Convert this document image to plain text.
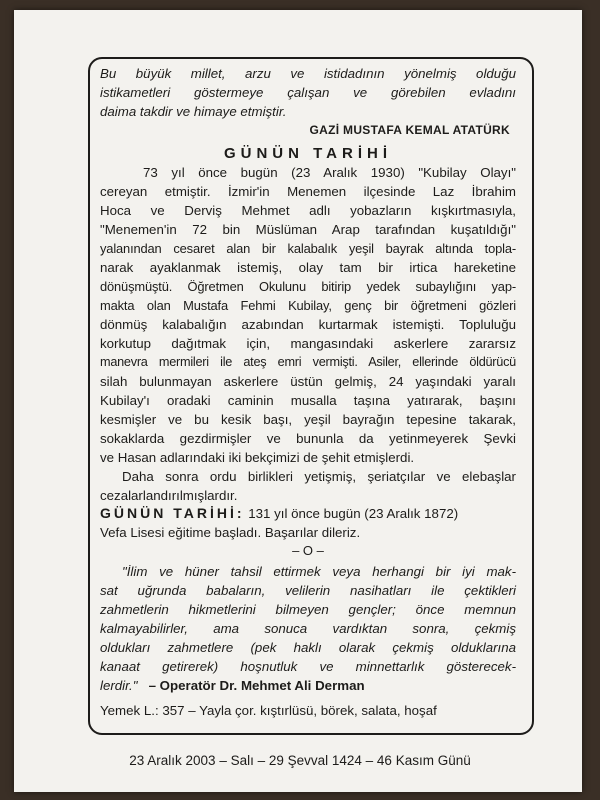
Bu büyük millet, arzu ve istidadının yönelmiş olduğu

istikametleri göstermeye çalışan ve görebilen evladını

daima takdir ve himaye etmiştir.

GAZİ MUSTAFA KEMAL ATATÜRK

GÜNÜN TARİHİ

73 yıl önce bugün (23 Aralık 1930) "Kubilay Olayı"

cereyan etmiştir. İzmir'in Menemen ilçesinde Laz İbrahim

Hoca ve Derviş Mehmet adlı yobazların kışkırtmasıyla,

"Menemen'in 72 bin Müslüman Arap tarafından kuşatıldığı"

yalanından cesaret alan bir kalabalık yeşil bayrak altında topla-

narak ayaklanmak istemiş, olay tam bir irtica hareketine

dönüşmüştü. Öğretmen Okulunu bitirip yedek subaylığını yap-

makta olan Mustafa Fehmi Kubilay, genç bir öğretmeni gözleri

dönmüş kalabalığın azabından kurtarmak istemişti. Topluluğu

korkutup dağıtmak için, mangasındaki askerlere zararsız

manevra mermileri ile ateş emri vermişti. Asiler, ellerinde öldürücü

silah bulunmayan askerlere üstün gelmiş, 24 yaşındaki yaralı

Kubilay'ı oradaki caminin musalla taşına yatırarak, başını

kesmişler ve bu kesik başı, yeşil bayrağın tepesine takarak,

sokaklarda gezdirmişler ve bununla da yetinmeyerek Şevki

ve Hasan adlarındaki iki bekçimizi de şehit etmişlerdi.

Daha sonra ordu birlikleri yetişmiş, şeriatçılar ve elebaşlar

cezalarlandırılmışlardır.

GÜNÜN TARİHİ: 131 yıl önce bugün (23 Aralık 1872)

Vefa Lisesi eğitime başladı. Başarılar dileriz.

– O –

"İlim ve hüner tahsil ettirmek veya herhangi bir iyi mak-

sat uğrunda babaların, velilerin nasihatları ile çektikleri

zahmetlerin hikmetlerini bilmeyen gençler; önce memnun

kalmayabilirler, ama sonuca vardıktan sonra, çekmiş

oldukları zahmetlere (pek haklı olarak çekmiş olduklarına

kanaat getirerek) hoşnutluk ve minnettarlık gösterecek-

lerdir." – Operatör Dr. Mehmet Ali Derman

Yemek L.: 357 – Yayla çor. kıştırlüsü, börek, salata, hoşaf

23 Aralık 2003 – Salı – 29 Şevval 1424 – 46 Kasım Günü
